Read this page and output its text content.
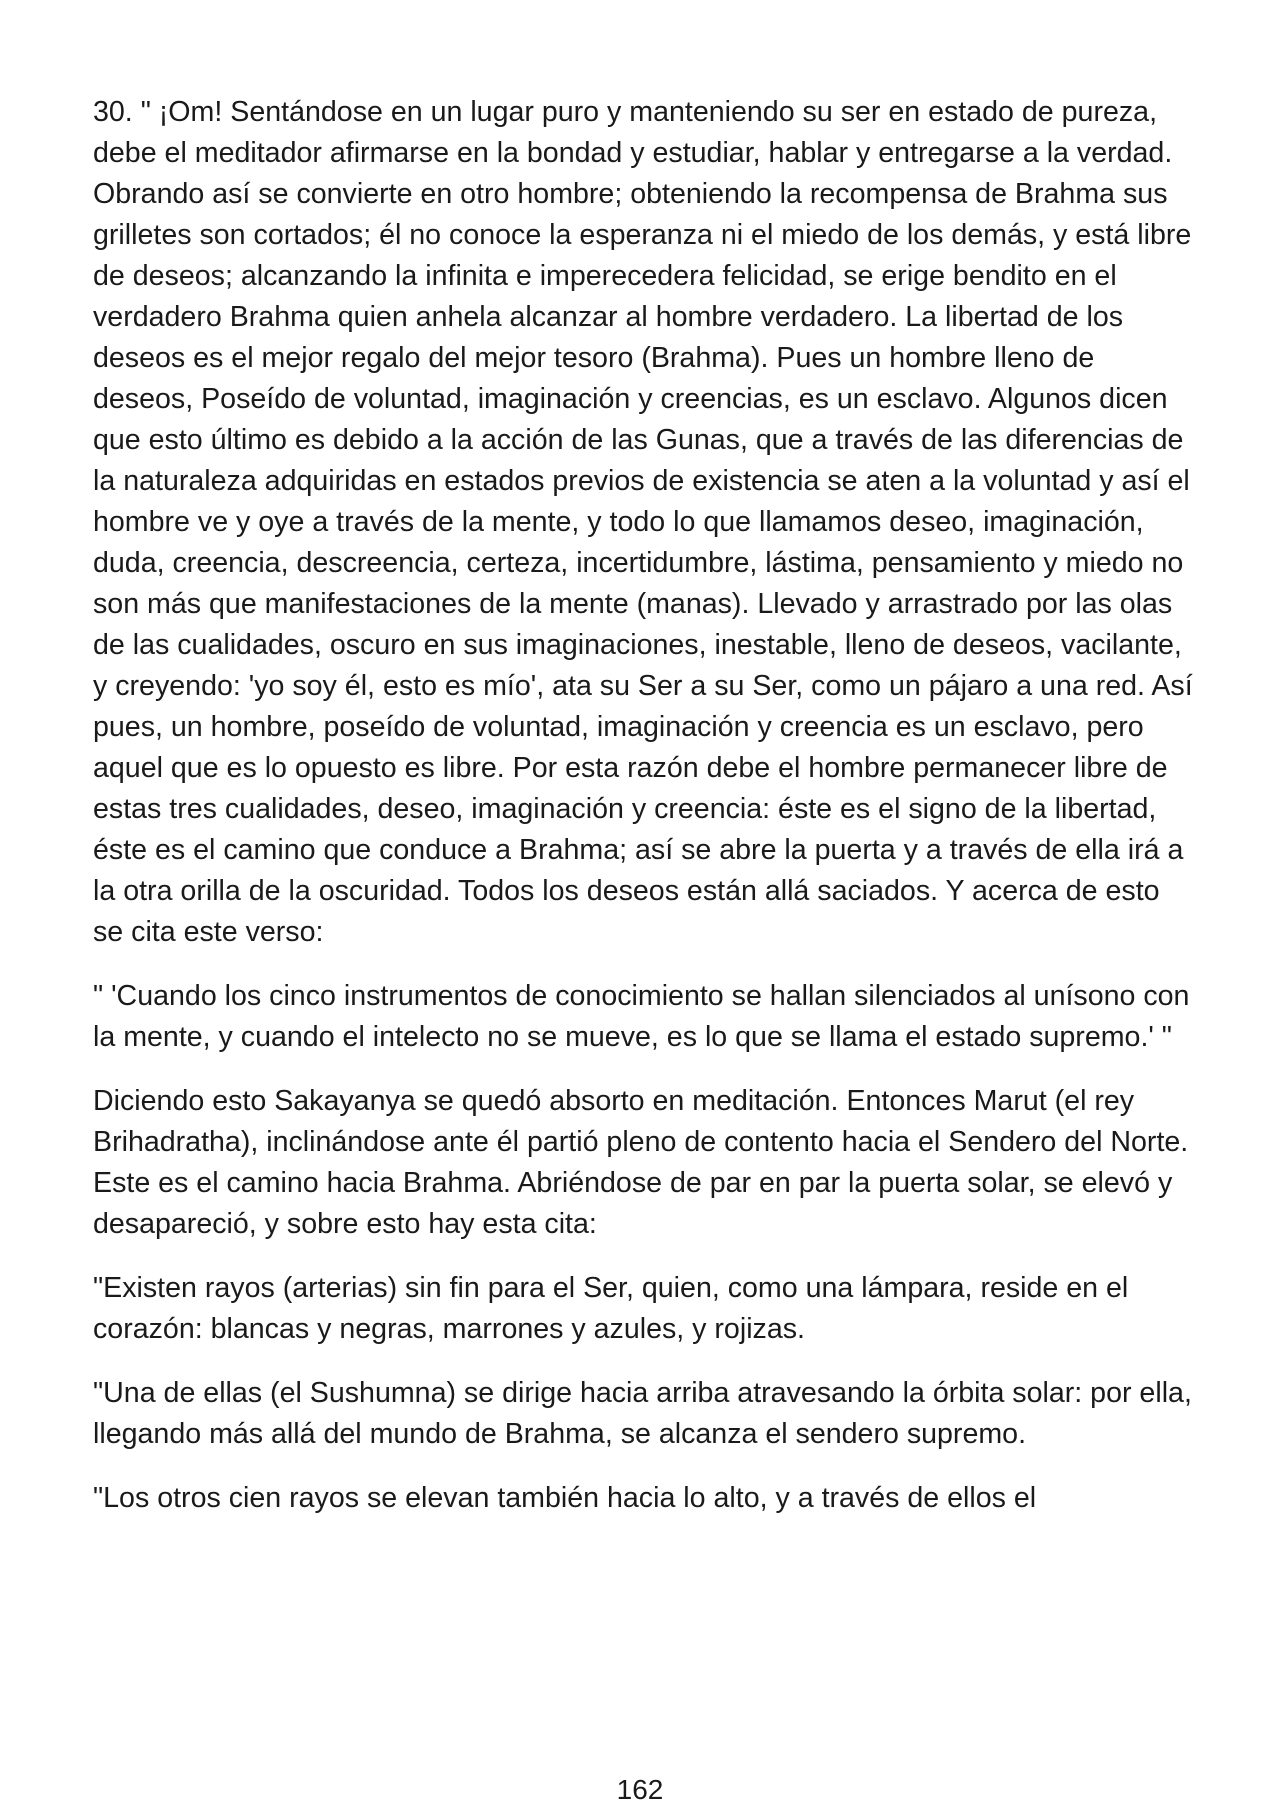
30. " ¡Om! Sentándose en un lugar puro y manteniendo su ser en estado de pureza, debe el meditador afirmarse en la bondad y estudiar, hablar y entregarse a la verdad. Obrando así se convierte en otro hombre; obteniendo la recompensa de Brahma sus grilletes son cortados; él no conoce la esperanza ni el miedo de los demás, y está libre de deseos; alcanzando la infinita e imperecedera felicidad, se erige bendito en el verdadero Brahma quien anhela alcanzar al hombre verdadero. La libertad de los deseos es el mejor regalo del mejor tesoro (Brahma). Pues un hombre lleno de deseos, Poseído de voluntad, imaginación y creencias, es un esclavo. Algunos dicen que esto último es debido a la acción de las Gunas, que a través de las diferencias de la naturaleza adquiridas en estados previos de existencia se aten a la voluntad y así el hombre ve y oye a través de la mente, y todo lo que llamamos deseo, imaginación, duda, creencia, descreencia, certeza, incertidumbre, lástima, pensamiento y miedo no son más que manifestaciones de la mente (manas). Llevado y arrastrado por las olas de las cualidades, oscuro en sus imaginaciones, inestable, lleno de deseos, vacilante, y creyendo: 'yo soy él, esto es mío', ata su Ser a su Ser, como un pájaro a una red. Así pues, un hombre, poseído de voluntad, imaginación y creencia es un esclavo, pero aquel que es lo opuesto es libre. Por esta razón debe el hombre permanecer libre de estas tres cualidades, deseo, imaginación y creencia: éste es el signo de la libertad, éste es el camino que conduce a Brahma; así se abre la puerta y a través de ella irá a la otra orilla de la oscuridad. Todos los deseos están allá saciados. Y acerca de esto se cita este verso:

" 'Cuando los cinco instrumentos de conocimiento se hallan silenciados al unísono con la mente, y cuando el intelecto no se mueve, es lo que se llama el estado supremo.' "

Diciendo esto Sakayanya se quedó absorto en meditación. Entonces Marut (el rey Brihadratha), inclinándose ante él partió pleno de contento hacia el Sendero del Norte. Este es el camino hacia Brahma. Abriéndose de par en par la puerta solar, se elevó y desapareció, y sobre esto hay esta cita:

"Existen rayos (arterias) sin fin para el Ser, quien, como una lámpara, reside en el corazón: blancas y negras, marrones y azules, y rojizas.

"Una de ellas (el Sushumna) se dirige hacia arriba atravesando la órbita solar: por ella, llegando más allá del mundo de Brahma, se alcanza el sendero supremo.

"Los otros cien rayos se elevan también hacia lo alto, y a través de ellos el

162
